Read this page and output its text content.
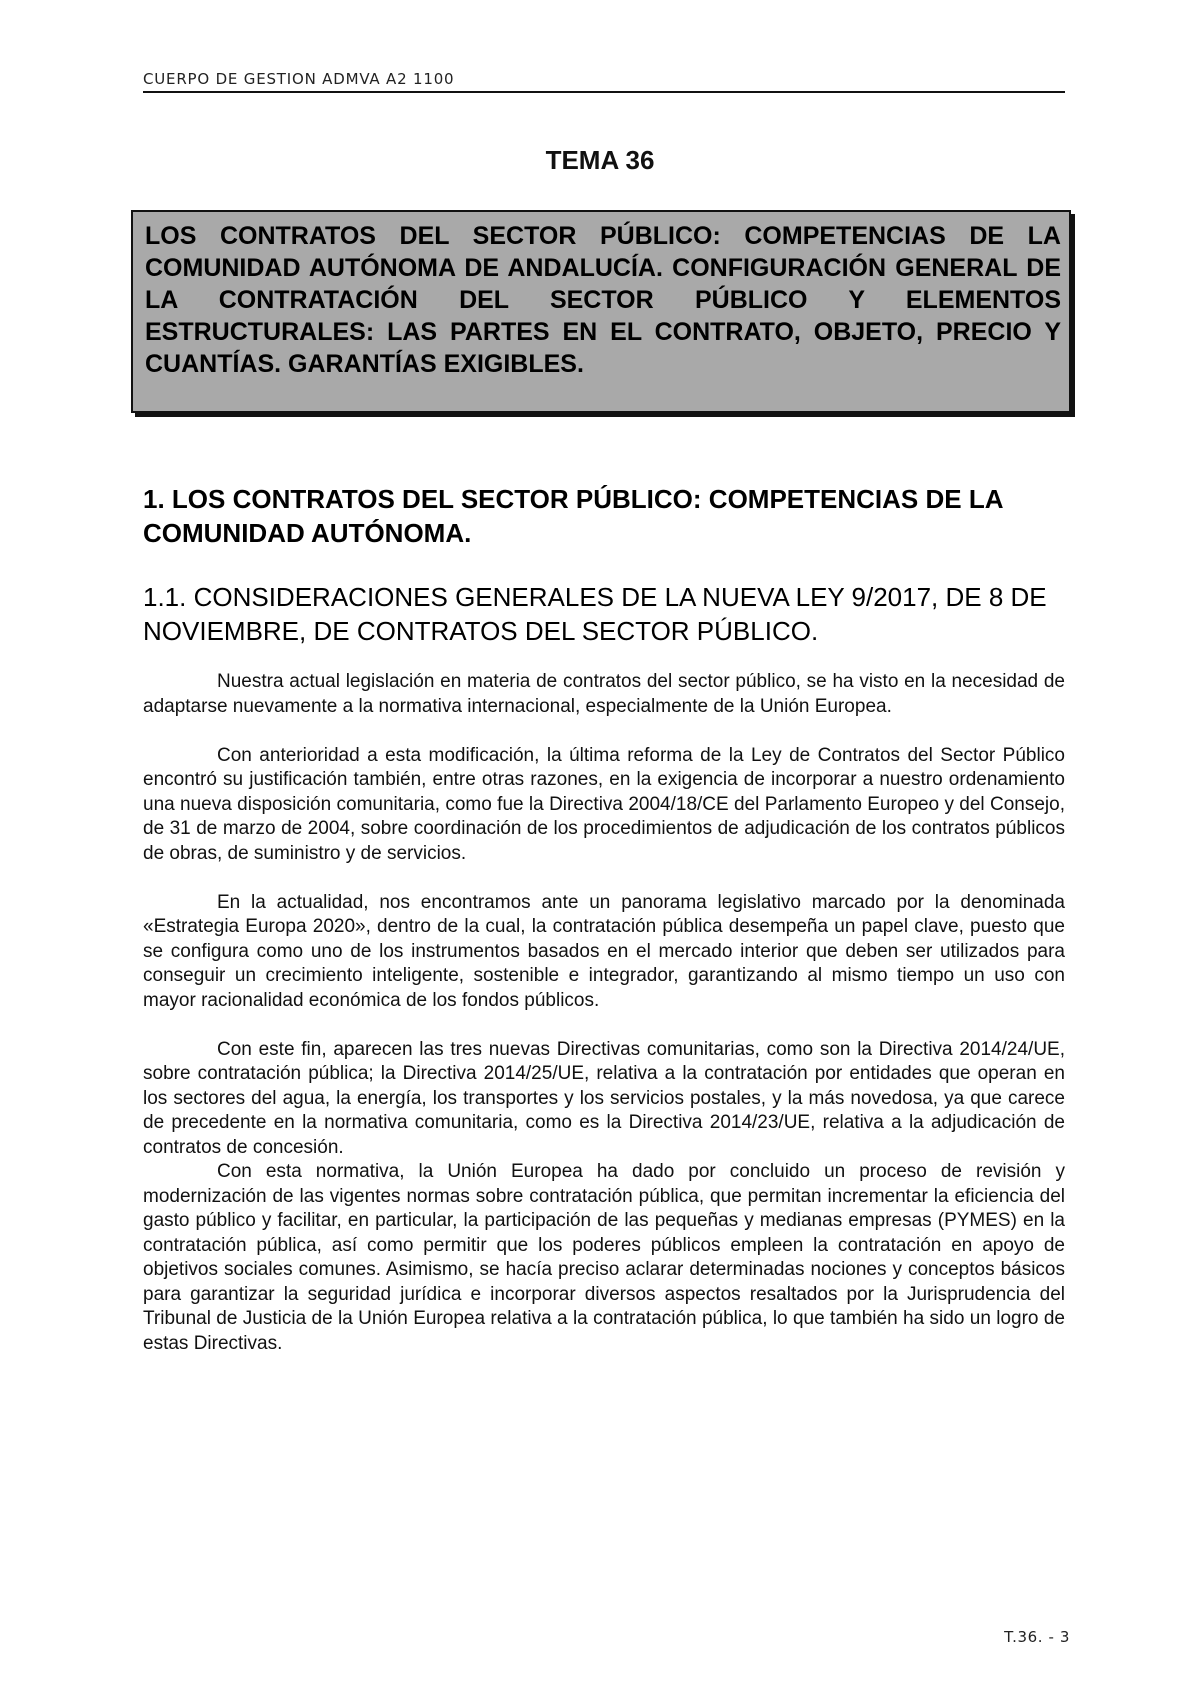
CUERPO DE GESTION ADMVA A2 1100
TEMA 36

LOS CONTRATOS DEL SECTOR PÚBLICO: COMPETENCIAS DE LA COMUNIDAD AUTÓNOMA DE ANDALUCÍA. CONFIGURACIÓN GENERAL DE LA CONTRATACIÓN DEL SECTOR PÚBLICO Y ELEMENTOS ESTRUCTURALES: LAS PARTES EN EL CONTRATO, OBJETO, PRECIO Y CUANTÍAS. GARANTÍAS EXIGIBLES.

1. LOS CONTRATOS DEL SECTOR PÚBLICO: COMPETENCIAS DE LA COMUNIDAD AUTÓNOMA.
1.1. CONSIDERACIONES GENERALES DE LA NUEVA LEY 9/2017, DE 8 DE NOVIEMBRE, DE CONTRATOS DEL SECTOR PÚBLICO.

Nuestra actual legislación en materia de contratos del sector público, se ha visto en la necesidad de adaptarse nuevamente a la normativa internacional, especialmente de la Unión Europea.

Con anterioridad a esta modificación, la última reforma de la Ley de Contratos del Sector Público encontró su justificación también, entre otras razones, en la exigencia de incorporar a nuestro ordenamiento una nueva disposición comunitaria, como fue la Directiva 2004/18/CE del Parlamento Europeo y del Consejo, de 31 de marzo de 2004, sobre coordinación de los procedimientos de adjudicación de los contratos públicos de obras, de suministro y de servicios.

En la actualidad, nos encontramos ante un panorama legislativo marcado por la denominada «Estrategia Europa 2020», dentro de la cual, la contratación pública desempeña un papel clave, puesto que se configura como uno de los instrumentos basados en el mercado interior que deben ser utilizados para conseguir un crecimiento inteligente, sostenible e integrador, garantizando al mismo tiempo un uso con mayor racionalidad económica de los fondos públicos.

Con este fin, aparecen las tres nuevas Directivas comunitarias, como son la Directiva 2014/24/UE, sobre contratación pública; la Directiva 2014/25/UE, relativa a la contratación por entidades que operan en los sectores del agua, la energía, los transportes y los servicios postales, y la más novedosa, ya que carece de precedente en la normativa comunitaria, como es la Directiva 2014/23/UE, relativa a la adjudicación de contratos de concesión.

Con esta normativa, la Unión Europea ha dado por concluido un proceso de revisión y modernización de las vigentes normas sobre contratación pública, que permitan incrementar la eficiencia del gasto público y facilitar, en particular, la participación de las pequeñas y medianas empresas (PYMES) en la contratación pública, así como permitir que los poderes públicos empleen la contratación en apoyo de objetivos sociales comunes. Asimismo, se hacía preciso aclarar determinadas nociones y conceptos básicos para garantizar la seguridad jurídica e incorporar diversos aspectos resaltados por la Jurisprudencia del Tribunal de Justicia de la Unión Europea relativa a la contratación pública, lo que también ha sido un logro de estas Directivas.

T.36. - 3
